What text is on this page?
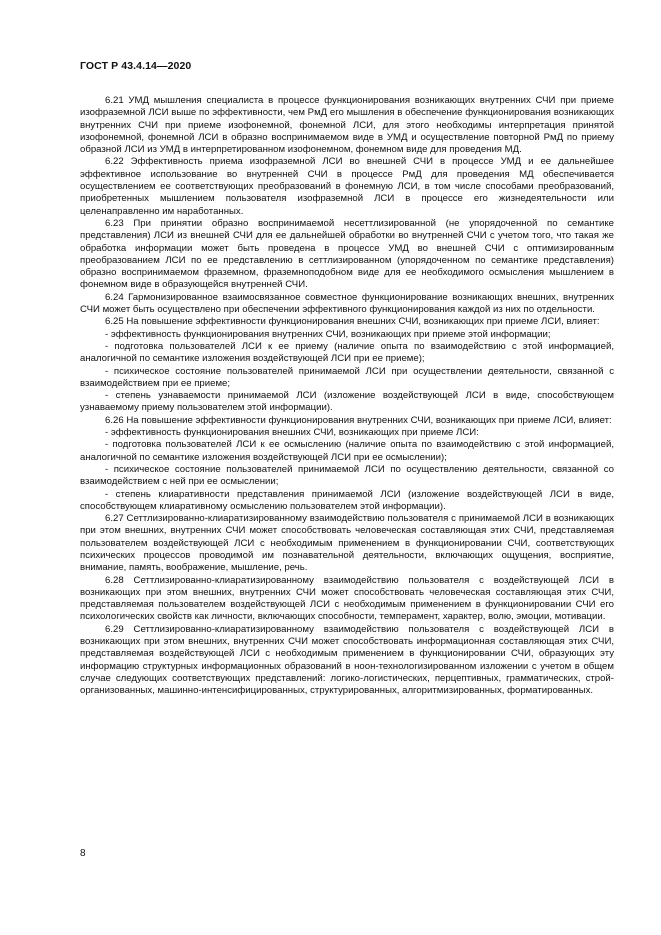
ГОСТ Р 43.4.14—2020

6.21 УМД мышления специалиста в процессе функционирования возникающих внутренних СЧИ при приеме изофраземной ЛСИ выше по эффективности, чем РмД его мышления в обеспечение функционирования возникающих внутренних СЧИ при приеме изофонемной, фонемной ЛСИ, для этого необходимы интерпретация принятой изофонемной, фонемной ЛСИ в образно воспринимаемом виде в УМД и осуществление повторной РмД по приему образной ЛСИ из УМД в интерпретированном изофонемном, фонемном виде для проведения МД.

6.22 Эффективность приема изофраземной ЛСИ во внешней СЧИ в процессе УМД и ее дальнейшее эффективное использование во внутренней СЧИ в процессе РмД для проведения МД обеспечивается осуществлением ее соответствующих преобразований в фонемную ЛСИ, в том числе способами преобразований, приобретенных мышлением пользователя изофраземной ЛСИ в процессе его жизнедеятельности или целенаправленно им наработанных.

6.23 При принятии образно воспринимаемой несеттлизированной (не упорядоченной по семантике представления) ЛСИ из внешней СЧИ для ее дальнейшей обработки во внутренней СЧИ с учетом того, что такая же обработка информации может быть проведена в процессе УМД во внешней СЧИ с оптимизированным преобразованием ЛСИ по ее представлению в сеттлизированном (упорядоченном по семантике представления) образно воспринимаемом фраземном, фраземноподобном виде для ее необходимого осмысления мышлением в фонемном виде в образующейся внутренней СЧИ.

6.24 Гармонизированное взаимосвязанное совместное функционирование возникающих внешних, внутренних СЧИ может быть осуществлено при обеспечении эффективного функционирования каждой из них по отдельности.

6.25 На повышение эффективности функционирования внешних СЧИ, возникающих при приеме ЛСИ, влияет:

- эффективность функционирования внутренних СЧИ, возникающих при приеме этой информации;

- подготовка пользователей ЛСИ к ее приему (наличие опыта по взаимодействию с этой информацией, аналогичной по семантике изложения воздействующей ЛСИ при ее приеме);

- психическое состояние пользователей принимаемой ЛСИ при осуществлении деятельности, связанной с взаимодействием при ее приеме;

- степень узнаваемости принимаемой ЛСИ (изложение воздействующей ЛСИ в виде, способствующем узнаваемому приему пользователем этой информации).

6.26 На повышение эффективности функционирования внутренних СЧИ, возникающих при приеме ЛСИ, влияет:

- эффективность функционирования внешних СЧИ, возникающих при приеме ЛСИ:

- подготовка пользователей ЛСИ к ее осмыслению (наличие опыта по взаимодействию с этой информацией, аналогичной по семантике изложения воздействующей ЛСИ при ее осмыслении);

- психическое состояние пользователей принимаемой ЛСИ по осуществлению деятельности, связанной со взаимодействием с ней при ее осмыслении;

- степень клиаративности представления принимаемой ЛСИ (изложение воздействующей ЛСИ в виде, способствующем клиаративному осмыслению пользователем этой информации).

6.27 Сеттлизированно-клиаратизированному взаимодействию пользователя с принимаемой ЛСИ в возникающих при этом внешних, внутренних СЧИ может способствовать человеческая составляющая этих СЧИ, представляемая пользователем воздействующей ЛСИ с необходимым применением в функционировании СЧИ, соответствующих психических процессов проводимой им познавательной деятельности, включающих ощущения, восприятие, внимание, память, воображение, мышление, речь.

6.28 Сеттлизированно-клиаратизированному взаимодействию пользователя с воздействующей ЛСИ в возникающих при этом внешних, внутренних СЧИ может способствовать человеческая составляющая этих СЧИ, представляемая пользователем воздействующей ЛСИ с необходимым применением в функционировании СЧИ его психологических свойств как личности, включающих способности, темперамент, характер, волю, эмоции, мотивации.

6.29 Сеттлизированно-клиаратизированному взаимодействию пользователя с воздействующей ЛСИ в возникающих при этом внешних, внутренних СЧИ может способствовать информационная составляющая этих СЧИ, представляемая воздействующей ЛСИ с необходимым применением в функционировании СЧИ, образующих эту информацию структурных информационных образований в ноон-технологизированном изложении с учетом в общем случае следующих соответствующих представлений: логико-логистических, перцептивных, грамматических, строй-организованных, машинно-интенсифицированных, структурированных, алгоритмизированных, форматированных.

8
